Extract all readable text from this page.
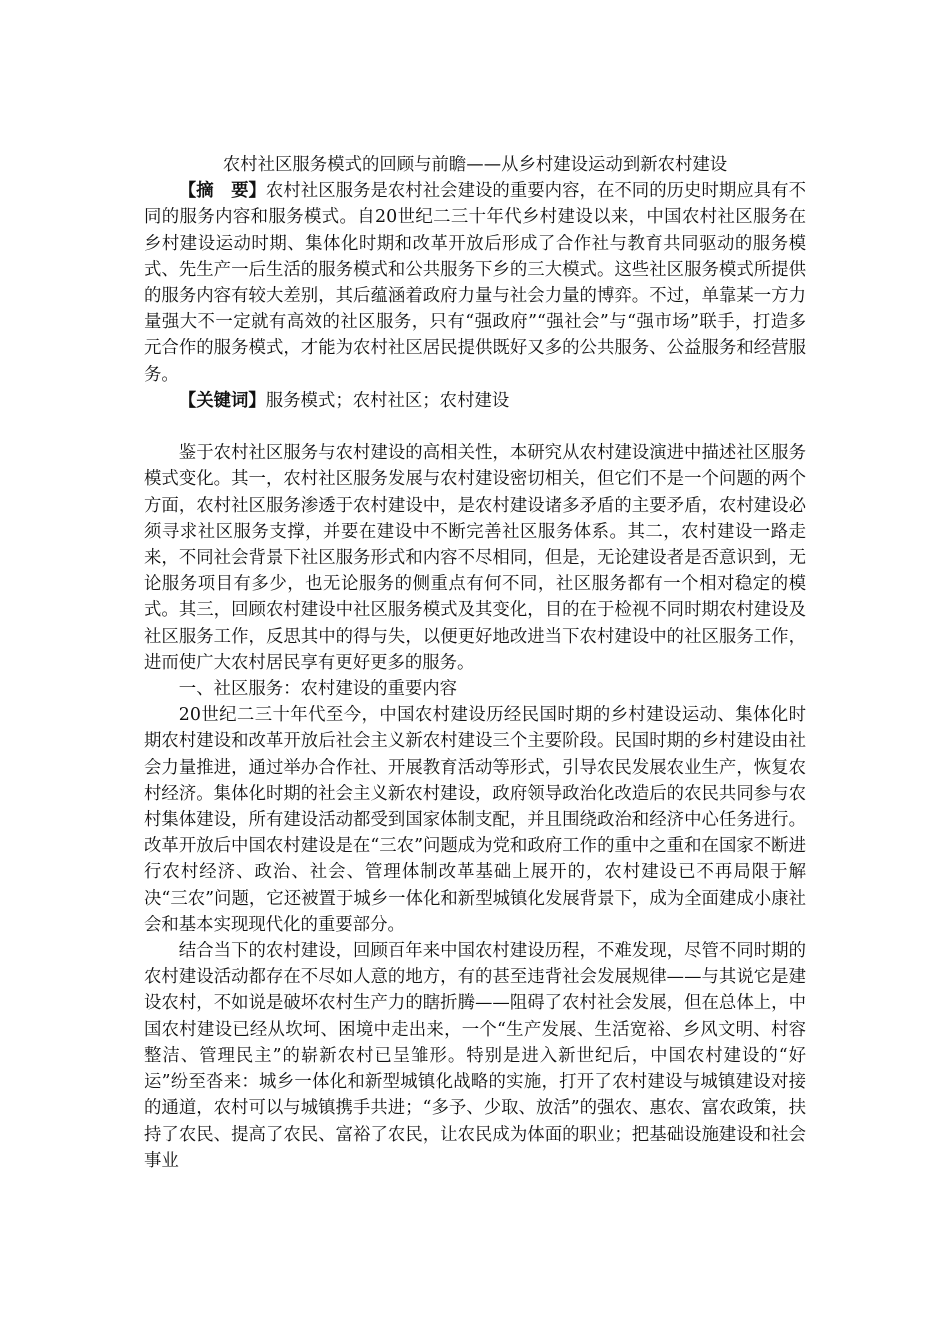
农村社区服务模式的回顾与前瞻——从乡村建设运动到新农村建设

【摘　要】农村社区服务是农村社会建设的重要内容，在不同的历史时期应具有不同的服务内容和服务模式。自20世纪二三十年代乡村建设以来，中国农村社区服务在乡村建设运动时期、集体化时期和改革开放后形成了合作社与教育共同驱动的服务模式、先生产一后生活的服务模式和公共服务下乡的三大模式。这些社区服务模式所提供的服务内容有较大差别，其后蕴涵着政府力量与社会力量的博弈。不过，单靠某一方力量强大不一定就有高效的社区服务，只有“强政府”“强社会”与“强市场”联手，打造多元合作的服务模式，才能为农村社区居民提供既好又多的公共服务、公益服务和经营服务。

【关键词】服务模式；农村社区；农村建设

鉴于农村社区服务与农村建设的高相关性，本研究从农村建设演进中描述社区服务模式变化。其一，农村社区服务发展与农村建设密切相关，但它们不是一个问题的两个方面，农村社区服务渗透于农村建设中，是农村建设诸多矛盾的主要矛盾，农村建设必须寻求社区服务支撑，并要在建设中不断完善社区服务体系。其二，农村建设一路走来，不同社会背景下社区服务形式和内容不尽相同，但是，无论建设者是否意识到，无论服务项目有多少，也无论服务的侧重点有何不同，社区服务都有一个相对稳定的模式。其三，回顾农村建设中社区服务模式及其变化，目的在于检视不同时期农村建设及社区服务工作，反思其中的得与失，以便更好地改进当下农村建设中的社区服务工作，进而使广大农村居民享有更好更多的服务。

一、社区服务：农村建设的重要内容

20世纪二三十年代至今，中国农村建设历经民国时期的乡村建设运动、集体化时期农村建设和改革开放后社会主义新农村建设三个主要阶段。民国时期的乡村建设由社会力量推进，通过举办合作社、开展教育活动等形式，引导农民发展农业生产，恢复农村经济。集体化时期的社会主义新农村建设，政府领导政治化改造后的农民共同参与农村集体建设，所有建设活动都受到国家体制支配，并且围绕政治和经济中心任务进行。改革开放后中国农村建设是在“三农”问题成为党和政府工作的重中之重和在国家不断进行农村经济、政治、社会、管理体制改革基础上展开的，农村建设已不再局限于解决“三农”问题，它还被置于城乡一体化和新型城镇化发展背景下，成为全面建成小康社会和基本实现现代化的重要部分。

结合当下的农村建设，回顾百年来中国农村建设历程，不难发现，尽管不同时期的农村建设活动都存在不尽如人意的地方，有的甚至违背社会发展规律——与其说它是建设农村，不如说是破坏农村生产力的瞎折腾——阻碍了农村社会发展，但在总体上，中国农村建设已经从坎坷、困境中走出来，一个“生产发展、生活宽裕、乡风文明、村容整洁、管理民主”的崭新农村已呈雏形。特别是进入新世纪后，中国农村建设的“好运”纷至沓来：城乡一体化和新型城镇化战略的实施，打开了农村建设与城镇建设对接的通道，农村可以与城镇携手共进；“多予、少取、放活”的强农、惠农、富农政策，扶持了农民、提高了农民、富裕了农民，让农民成为体面的职业；把基础设施建设和社会事业
